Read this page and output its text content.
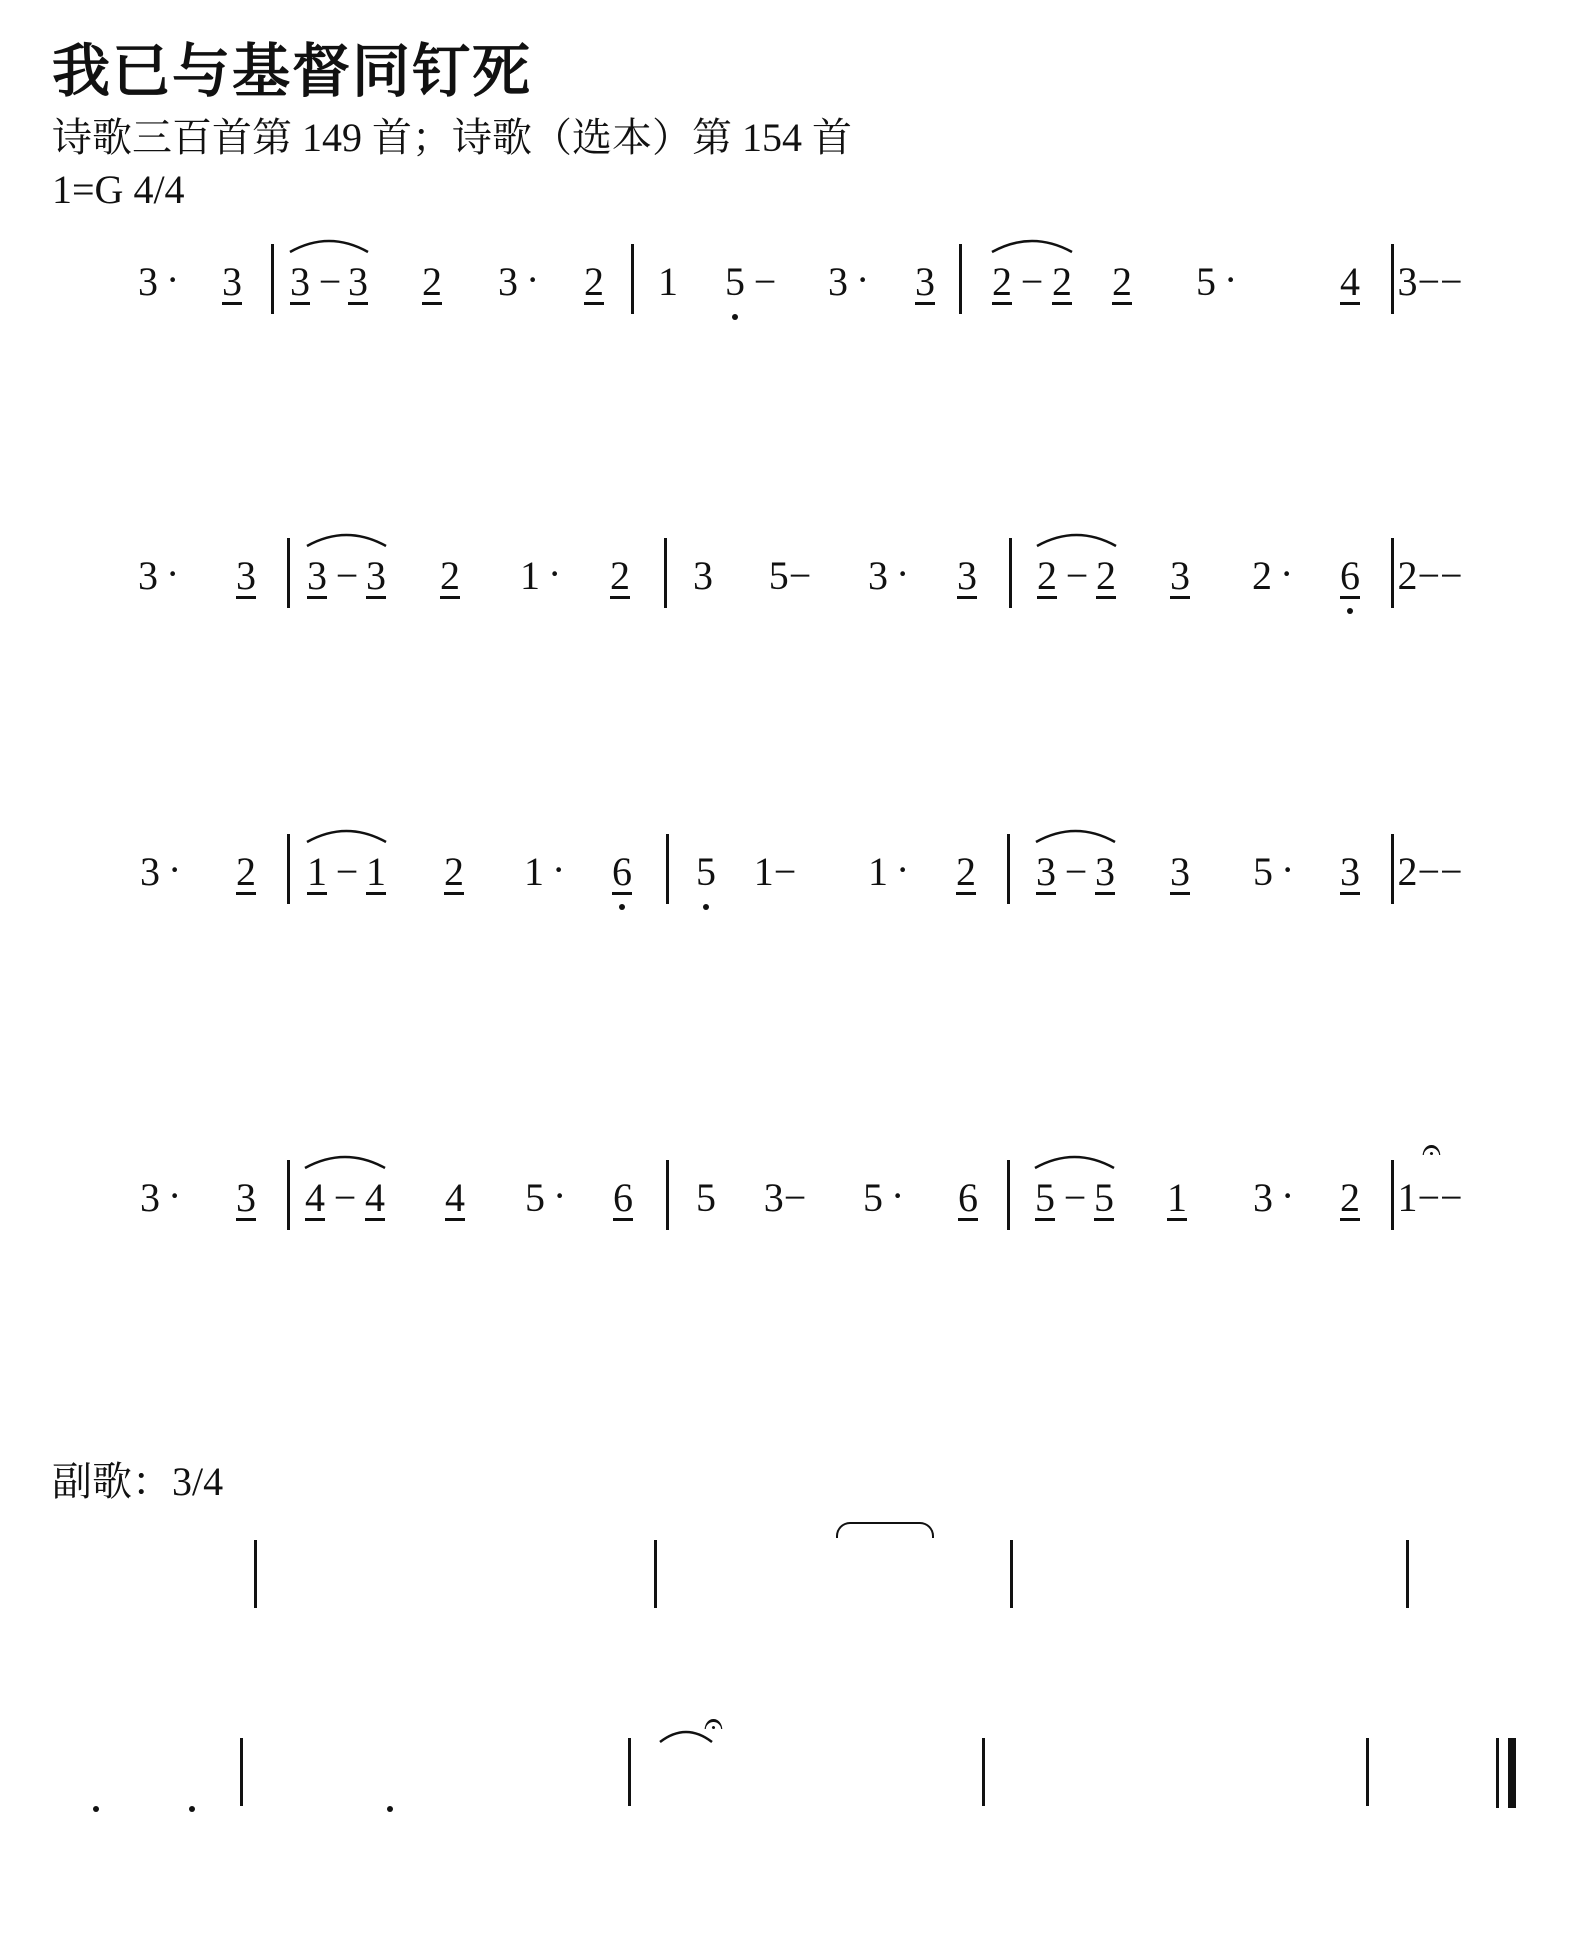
我已与基督同钉死
诗歌三百首第 149 首；诗歌（选本）第 154 首
1=G 4/4
副歌：3/4
3 · 3 3 − 3 2 3 · 2 1 5 − 3 · 3 2 − 2 2 5 ·	4 3−−
3 · 3 3 − 3 2 1 · 2 3 5− 3 · 3 2 − 2 3 2 · 6 2−−
3 · 2 1 − 1 2 1 · 6 5 1− 1 · 2 3 − 3 3 5 · 3 2−−
3 · 3 4 − 4 4 5 · 6 5 3− 5 · 6 5 − 5 1 3 · 2 1−−
𝄐
𝄐
